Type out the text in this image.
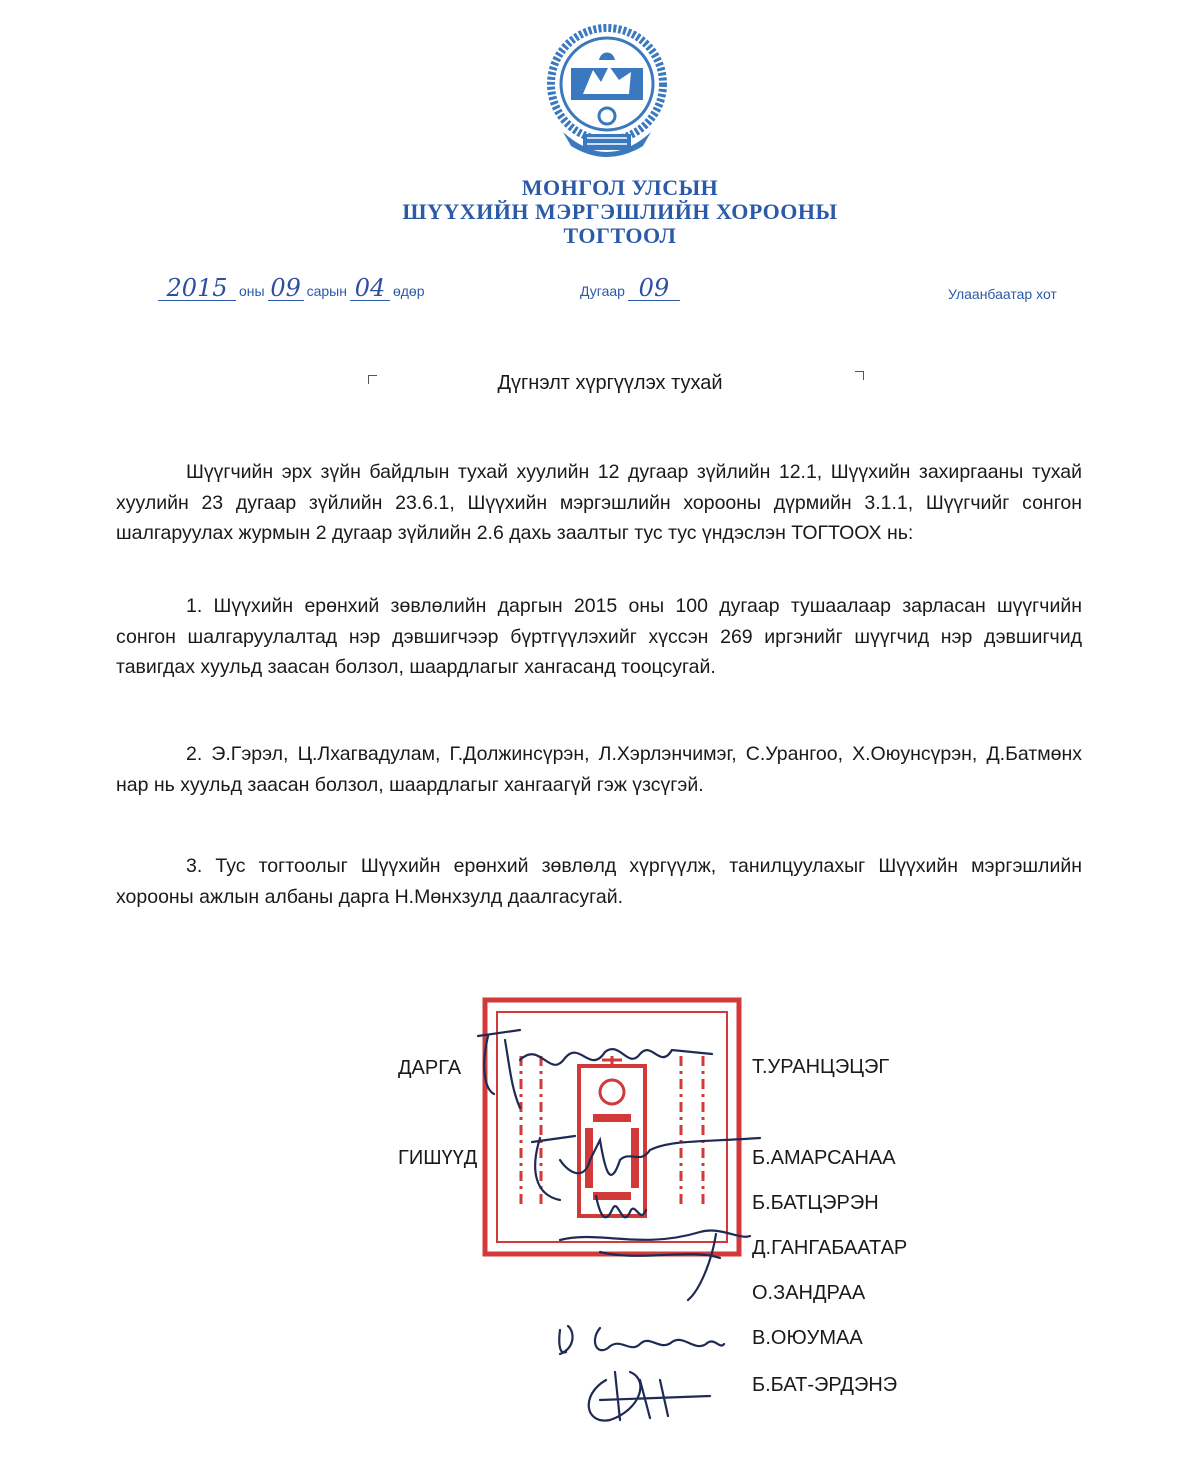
МОНГОЛ УЛСЫН
ШҮҮХИЙН МЭРГЭШЛИЙН ХОРООНЫ
ТОГТООЛ
2015 оны 09 сарын 04 өдөр	Дугаар 09	Улаанбаатар хот
Дүгнэлт хүргүүлэх тухай
Шүүгчийн эрх зүйн байдлын тухай хуулийн 12 дугаар зүйлийн 12.1, Шүүхийн захиргааны тухай хуулийн 23 дугаар зүйлийн 23.6.1, Шүүхийн мэргэшлийн хорооны дүрмийн 3.1.1, Шүүгчийг сонгон шалгаруулах журмын 2 дугаар зүйлийн 2.6 дахь заалтыг тус тус үндэслэн ТОГТООХ нь:
1. Шүүхийн ерөнхий зөвлөлийн даргын 2015 оны 100 дугаар тушаалаар зарласан шүүгчийн сонгон шалгаруулалтад нэр дэвшигчээр бүртгүүлэхийг хүссэн 269 иргэнийг шүүгчид нэр дэвшигчид тавигдах хуульд заасан болзол, шаардлагыг хангасанд тооцсугай.
2. Э.Гэрэл, Ц.Лхагвадулам, Г.Должинсүрэн, Л.Хэрлэнчимэг, С.Урангоо, Х.Оюунсүрэн, Д.Батмөнх нар нь хуульд заасан болзол, шаардлагыг хангаагүй гэж үзсүгэй.
3. Тус тогтоолыг Шүүхийн ерөнхий зөвлөлд хүргүүлж, танилцуулахыг Шүүхийн мэргэшлийн хорооны ажлын албаны дарга Н.Мөнхзулд даалгасугай.
ДАРГА	Т.УРАНЦЭЦЭГ
ГИШҮҮД	Б.АМАРСАНАА
Б.БАТЦЭРЭН
Д.ГАНГАБААТАР
О.ЗАНДРАА
В.ОЮУМАА
Б.БАТ-ЭРДЭНЭ
